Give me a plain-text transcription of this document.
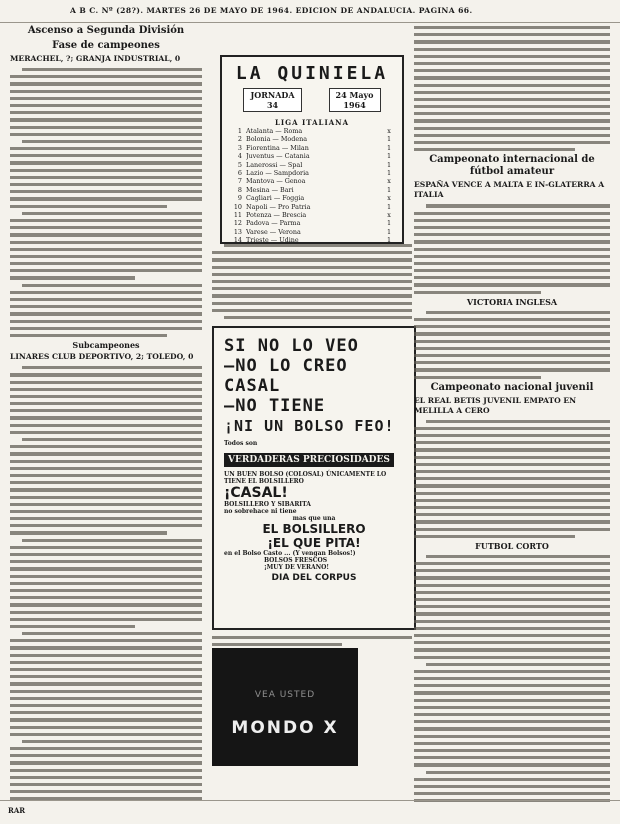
A B C. Nº (28?). MARTES 26 DE MAYO DE 1964. EDICION DE ANDALUCIA. PAGINA 66.
Ascenso a Segunda División
Fase de campeones
MERACHEL, ?; GRANJA INDUSTRIAL, 0
Subcampeones
LINARES CLUB DEPORTIVO, 2; TOLEDO, 0
LA QUINIELA
JORNADA
34
24 Mayo
1964
LIGA ITALIANA
1 Atalanta — Roma	x
2 Bolonia — Modena	1
3 Fiorentina — Milan	1
4 Juventus — Catania	1
5 Lanerossi — Spal	1
6 Lazio — Sampdoria	1
7 Mantova — Genoa	x
8 Mesina — Bari	1
9 Cagliari — Foggia	x
10 Napoli — Pro Patria	1
11 Potenza — Brescia	x
12 Padova — Parma	1
13 Varese — Verona	1
14 Trieste — Udine	1
SI NO LO VEO
—NO LO CREO
CASAL
—NO TIENE
¡NI UN BOLSO FEO!
Todos son
VERDADERAS PRECIOSIDADES
UN BUEN BOLSO (COLOSAL) ÚNICAMENTE LO TIENE EL BOLSILLERO
¡CASAL!
BOLSILLERO Y SIBARITA
no sobrehace ni tiene
mas que una
EL BOLSILLERO
¡EL QUE PITA!
en el Bolso Casto ... (Y vengan Bolsos!)
BOLSOS FRESCOS
¡MUY DE VERANO!
DIA DEL CORPUS
VEA USTED
MONDO X
Campeonato internacional de fútbol amateur
ESPAÑA VENCE A MALTA E IN-GLATERRA A ITALIA
VICTORIA INGLESA
Campeonato nacional juvenil
EL REAL BETIS JUVENIL EMPATO EN MELILLA A CERO
FUTBOL CORTO
RAR
